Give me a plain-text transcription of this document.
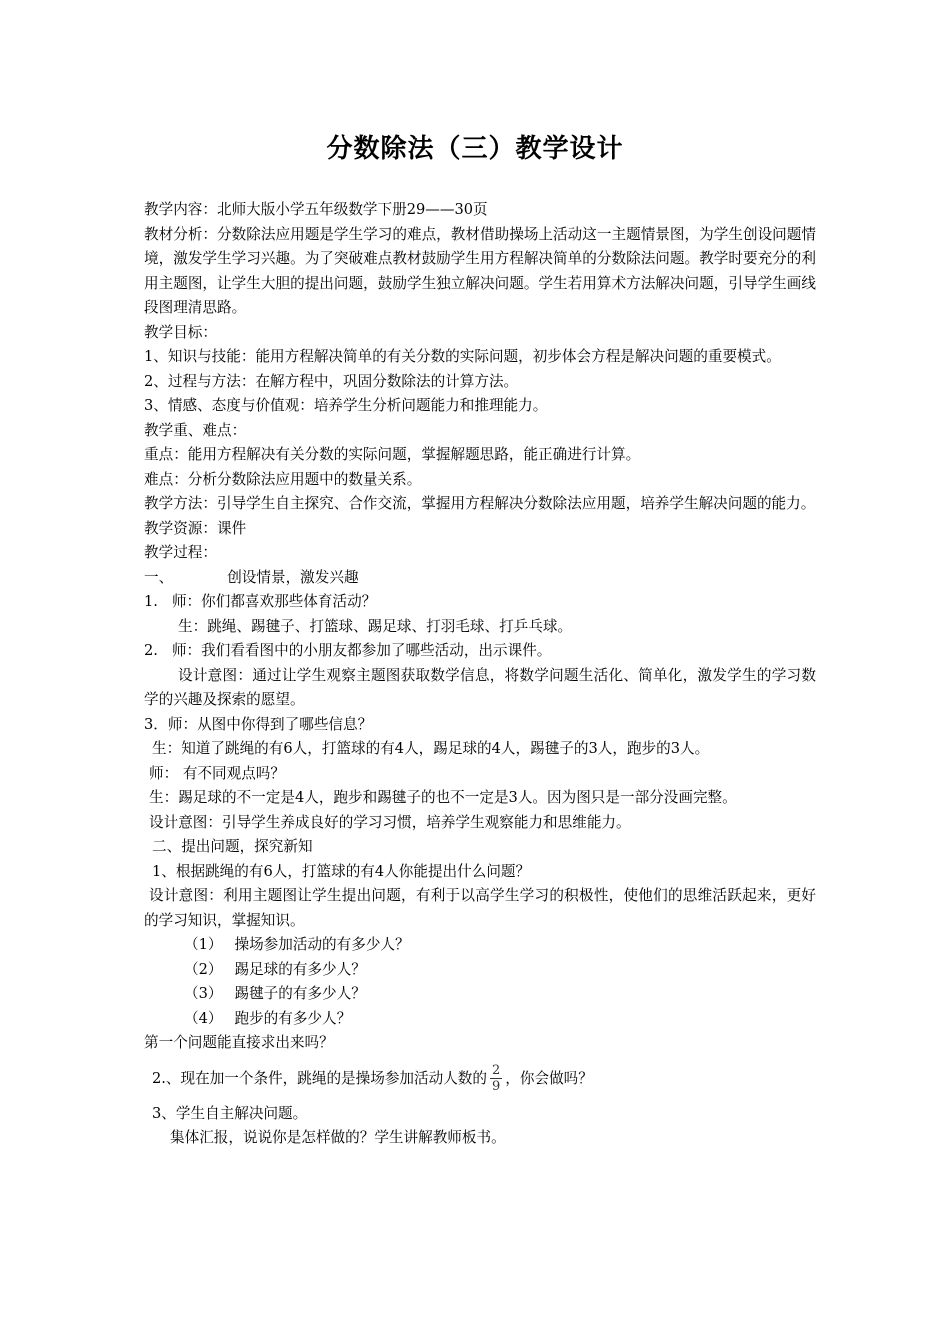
分数除法（三）教学设计
教学内容：北师大版小学五年级数学下册29——30页
教材分析：分数除法应用题是学生学习的难点，教材借助操场上活动这一主题情景图，为学生创设问题情境，激发学生学习兴趣。为了突破难点教材鼓励学生用方程解决简单的分数除法问题。教学时要充分的利用主题图，让学生大胆的提出问题，鼓励学生独立解决问题。学生若用算术方法解决问题，引导学生画线段图理清思路。
教学目标：
1、知识与技能：能用方程解决简单的有关分数的实际问题，初步体会方程是解决问题的重要模式。
2、过程与方法：在解方程中，巩固分数除法的计算方法。
3、情感、态度与价值观：培养学生分析问题能力和推理能力。
教学重、难点：
重点：能用方程解决有关分数的实际问题，掌握解题思路，能正确进行计算。
难点：分析分数除法应用题中的数量关系。
教学方法：引导学生自主探究、合作交流，掌握用方程解决分数除法应用题，培养学生解决问题的能力。
教学资源：课件
教学过程：
一、	创设情景，激发兴趣
1. 师：你们都喜欢那些体育活动？
生：跳绳、踢毽子、打篮球、踢足球、打羽毛球、打乒乓球。
2. 师：我们看看图中的小朋友都参加了哪些活动，出示课件。
设计意图：通过让学生观察主题图获取数学信息，将数学问题生活化、简单化，激发学生的学习数学的兴趣及探索的愿望。
3．师：从图中你得到了哪些信息？
生：知道了跳绳的有6人，打篮球的有4人，踢足球的4人，踢毽子的3人，跑步的3人。
师： 有不同观点吗？
生：踢足球的不一定是4人，跑步和踢毽子的也不一定是3人。因为图只是一部分没画完整。
设计意图：引导学生养成良好的学习习惯，培养学生观察能力和思维能力。
二、提出问题，探究新知
1、根据跳绳的有6人，打篮球的有4人你能提出什么问题？
设计意图：利用主题图让学生提出问题，有利于以高学生学习的积极性，使他们的思维活跃起来，更好的学习知识，掌握知识。
（1） 操场参加活动的有多少人？
（2） 踢足球的有多少人？
（3） 踢毽子的有多少人？
（4） 跑步的有多少人？
第一个问题能直接求出来吗？
2.、现在加一个条件，跳绳的是操场参加活动人数的 $\frac{2}{9}$ ，你会做吗？
3、学生自主解决问题。
集体汇报，说说你是怎样做的？学生讲解教师板书。
